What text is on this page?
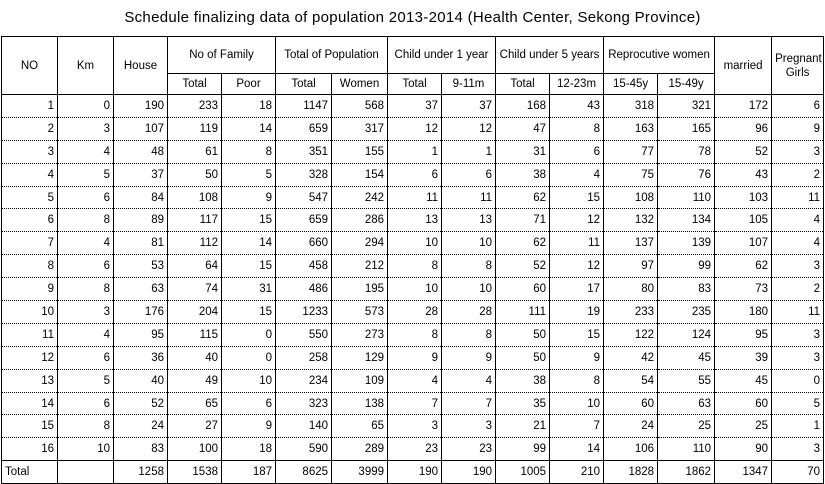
Schedule finalizing data of population 2013-2014 (Health Center, Sekong Province)
NO	Km	House	No of Family		Total of Population		Child under 1 year		Child under 5 years		Reprocutive women		married	Pregnant Girls
			Total	Poor	Total	Women	Total	9-11m	Total	12-23m	15-45y	15-49y		
1	0	190	233	18	1147	568	37	37	168	43	318	321	172	6
2	3	107	119	14	659	317	12	12	47	8	163	165	96	9
3	4	48	61	8	351	155	1	1	31	6	77	78	52	3
4	5	37	50	5	328	154	6	6	38	4	75	76	43	2
5	6	84	108	9	547	242	11	11	62	15	108	110	103	11
6	8	89	117	15	659	286	13	13	71	12	132	134	105	4
7	4	81	112	14	660	294	10	10	62	11	137	139	107	4
8	6	53	64	15	458	212	8	8	52	12	97	99	62	3
9	8	63	74	31	486	195	10	10	60	17	80	83	73	2
10	3	176	204	15	1233	573	28	28	111	19	233	235	180	11
11	4	95	115	0	550	273	8	8	50	15	122	124	95	3
12	6	36	40	0	258	129	9	9	50	9	42	45	39	3
13	5	40	49	10	234	109	4	4	38	8	54	55	45	0
14	6	52	65	6	323	138	7	7	35	10	60	63	60	5
15	8	24	27	9	140	65	3	3	21	7	24	25	25	1
16	10	83	100	18	590	289	23	23	99	14	106	110	90	3
Total		1258	1538	187	8625	3999	190	190	1005	210	1828	1862	1347	70
